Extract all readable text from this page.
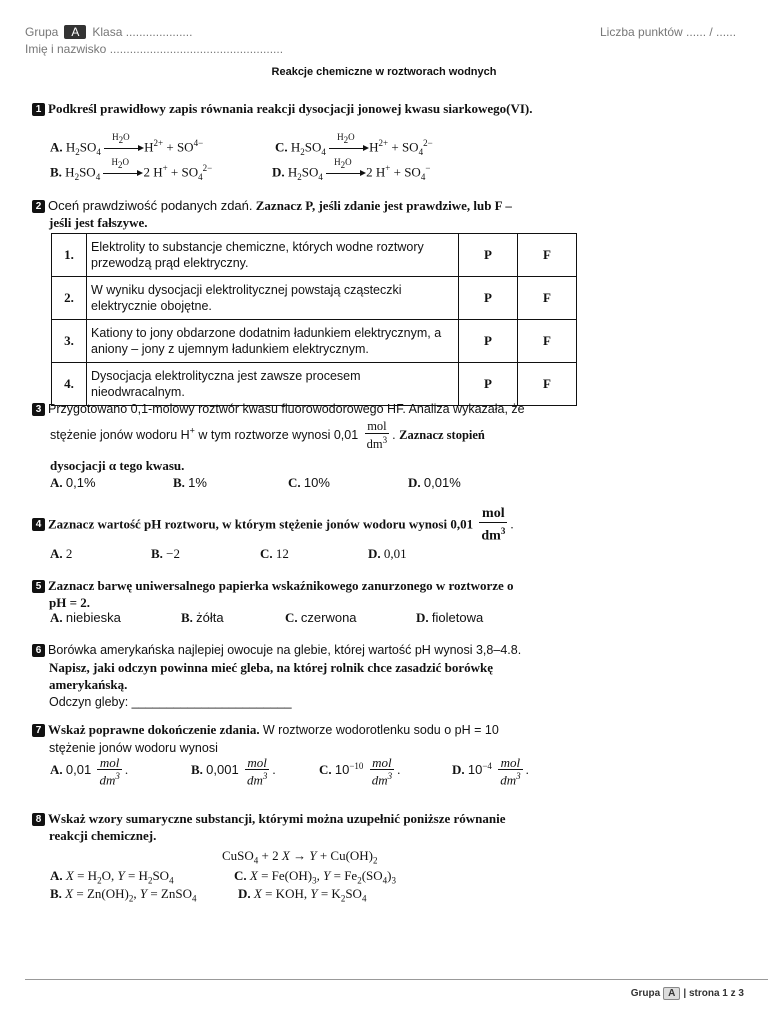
Grupa A Klasa ....................
Imię i nazwisko ....................................................
Liczba punktów ...... / ......
Reakcje chemiczne w roztworach wodnych
1 Podkreśl prawidłowy zapis równania reakcji dysocjacji jonowej kwasu siarkowego(VI).
A. $H_2SO_4$
$H_2O$
$H^{2+} + SO^{4-}$	C. $H_2SO_4$
$H_2O$
$H^{2+} + SO_4^{2-}$
B. $H_2SO_4$
$H_2O$
2 $H^+ + SO_4^{2-}$	D. $H_2SO_4$
$H_2O$
2 $H^+ + SO_4^-$
2 Oceń prawdziwość podanych zdań. Zaznacz P, jeśli zdanie jest prawdziwe, lub F –
jeśli jest fałszywe.
1.	Elektrolity to substancje chemiczne, których wodne roztwory przewodzą prąd elektryczny.	P	F
2.	W wyniku dysocjacji elektrolitycznej powstają cząsteczki elektrycznie obojętne.	P	F
3.	Kationy to jony obdarzone dodatnim ładunkiem elektrycznym, a aniony – jony z ujemnym ładunkiem elektrycznym.	P	F
4.	Dysocjacja elektrolityczna jest zawsze procesem nieodwracalnym.	P	F
3 Przygotowano 0,1-molowy roztwór kwasu fluorowodorowego HF. Analiza wykazała, że
stężenie jonów wodoru H+ w tym roztworze wynosi $0,01 \frac{\text{mol}}{dm^3}$ . Zaznacz stopień
dysocjacji α tego kwasu.
A. 0,1%	B. 1%	C. 10%	D. 0,01%
4 Zaznacz wartość pH roztworu, w którym stężenie jonów wodoru wynosi $0,01 \frac{\text{mol}}{dm^3}$ .
A. 2	B. −2	C. 12	D. 0,01
5 Zaznacz barwę uniwersalnego papierka wskaźnikowego zanurzonego w roztworze o
pH = 2.
A. niebieska	B. żółta	C. czerwona	D. fioletowa
6 Borówka amerykańska najlepiej owocuje na glebie, której wartość pH wynosi 3,8–4.8.
Napisz, jaki odczyn powinna mieć gleba, na której rolnik chce zasadzić borówkę
amerykańską.
Odczyn gleby: _______________________
7 Wskaż poprawne dokończenie zdania. W roztworze wodorotlenku sodu o pH = 10
stężenie jonów wodoru wynosi
A. $0,01 \frac{\text{mol}}{dm^3}$ .	B. $0,001 \frac{\text{mol}}{dm^3}$ .	C. $10^{-10} \frac{\text{mol}}{dm^3}$ .	D. $10^{-4} \frac{\text{mol}}{dm^3}$ .
8 Wskaż wzory sumaryczne substancji, którymi można uzupełnić poniższe równanie
reakcji chemicznej.
CuSO$_4$ + 2 $X \to Y + Cu(OH)_2$
A. $X = H_2O$, $Y = H_2SO_4$	C. $X = Fe(OH)_3$, $Y = Fe_2(SO_4)_3$
B. $X = Zn(OH)_2$, Y = ZnSO$_4$	D. X = KOH, $Y = K_2SO_4$
Grupa A | strona 1 z 3
